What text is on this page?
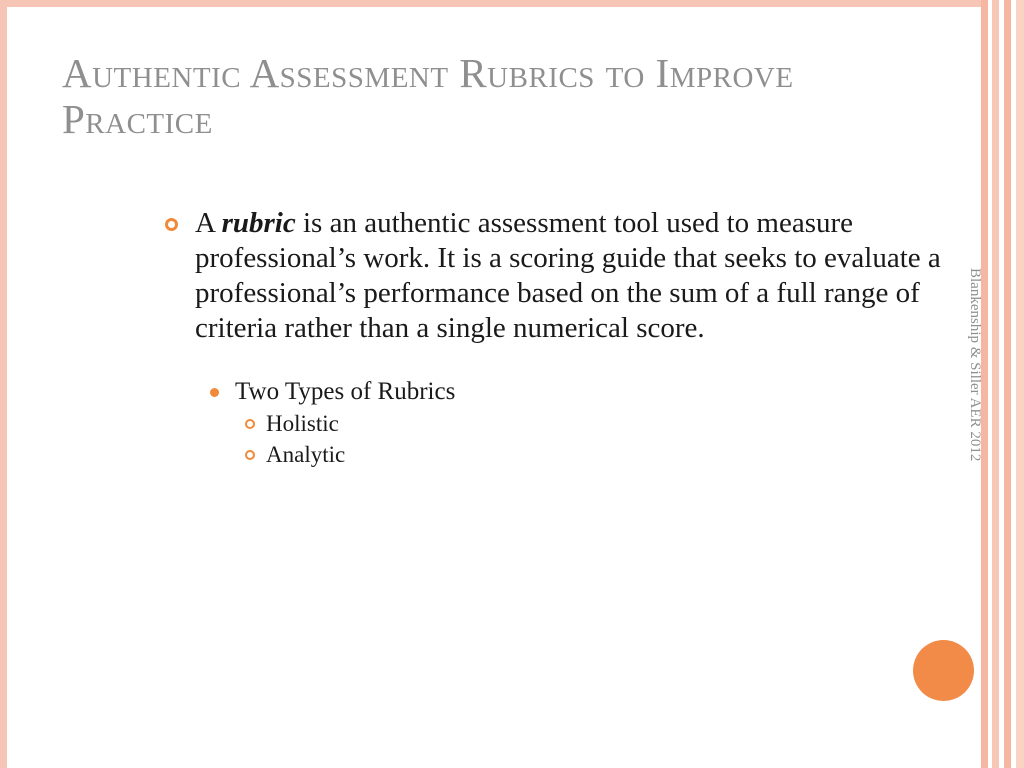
Authentic Assessment Rubrics to Improve Practice
A rubric is an authentic assessment tool used to measure professional’s work. It is a scoring guide that seeks to evaluate a professional’s performance based on the sum of a full range of criteria rather than a single numerical score.
Two Types of Rubrics
Holistic
Analytic	Blankenship & Siller AER 2012
